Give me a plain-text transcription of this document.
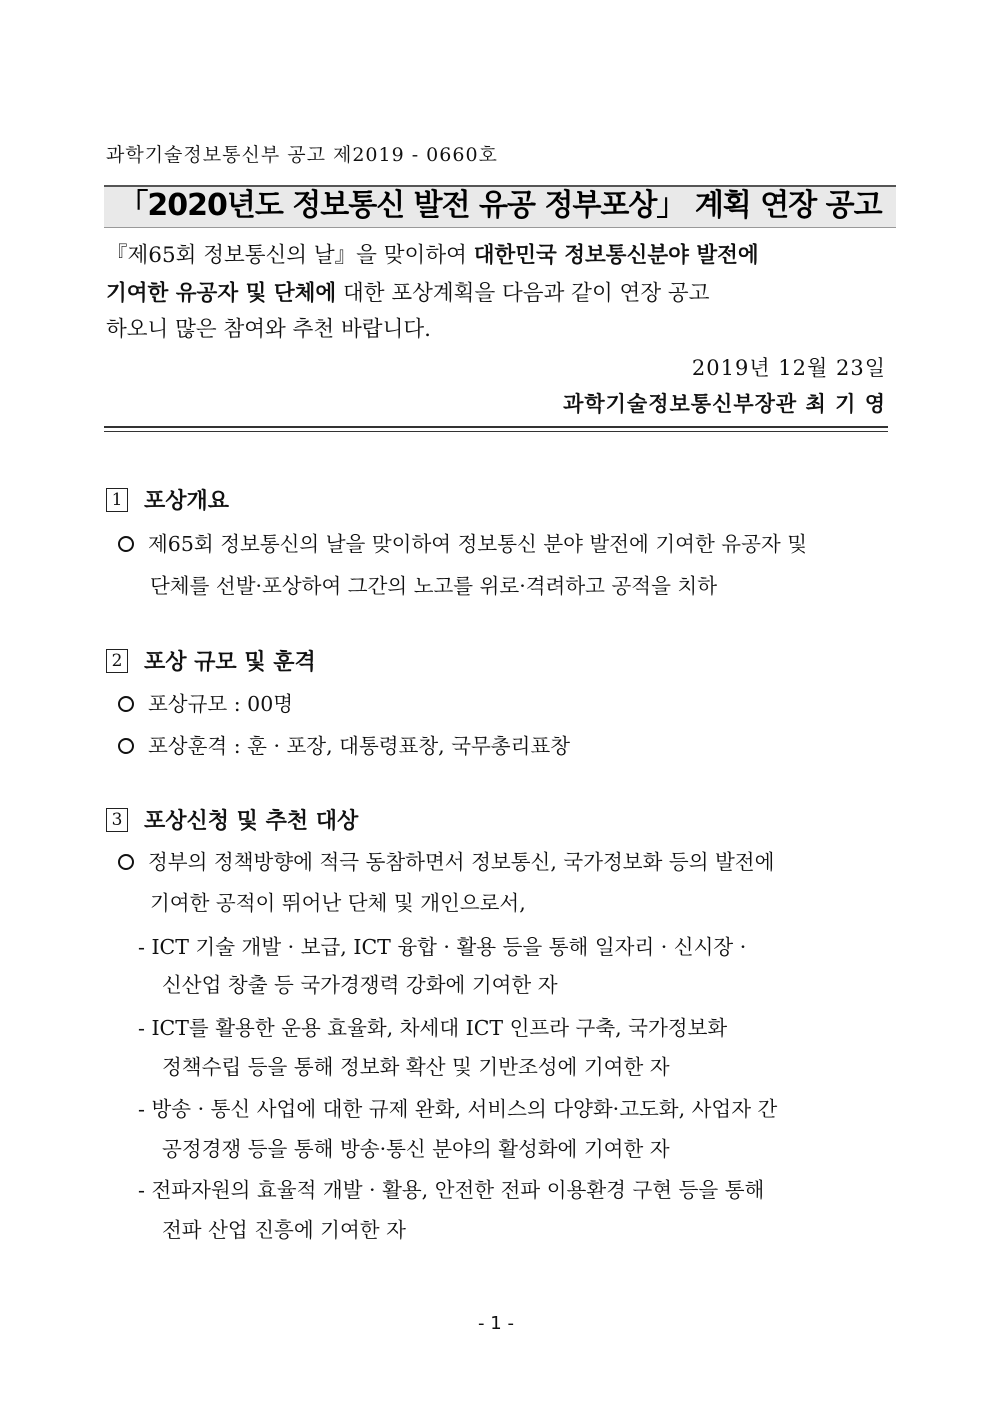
과학기술정보통신부 공고 제2019 - 0660호
「2020년도 정보통신 발전 유공 정부포상」 계획 연장 공고
『제65회 정보통신의 날』을 맞이하여 대한민국 정보통신분야 발전에
기여한 유공자 및 단체에 대한 포상계획을 다음과 같이 연장 공고
하오니 많은 참여와 추천 바랍니다.
2019년 12월 23일
과학기술정보통신부장관 최 기 영
1 포상개요
제65회 정보통신의 날을 맞이하여 정보통신 분야 발전에 기여한 유공자 및
단체를 선발·포상하여 그간의 노고를 위로·격려하고 공적을 치하
2 포상 규모 및 훈격
포상규모 : 00명
포상훈격 : 훈 · 포장, 대통령표창, 국무총리표창
3 포상신청 및 추천 대상
정부의 정책방향에 적극 동참하면서 정보통신, 국가정보화 등의 발전에
기여한 공적이 뛰어난 단체 및 개인으로서,
- ICT 기술 개발 · 보급, ICT 융합 · 활용 등을 통해 일자리 · 신시장 ·
신산업 창출 등 국가경쟁력 강화에 기여한 자
- ICT를 활용한 운용 효율화, 차세대 ICT 인프라 구축, 국가정보화
정책수립 등을 통해 정보화 확산 및 기반조성에 기여한 자
- 방송 · 통신 사업에 대한 규제 완화, 서비스의 다양화·고도화, 사업자 간
공정경쟁 등을 통해 방송·통신 분야의 활성화에 기여한 자
- 전파자원의 효율적 개발 · 활용, 안전한 전파 이용환경 구현 등을 통해
전파 산업 진흥에 기여한 자
- 1 -
